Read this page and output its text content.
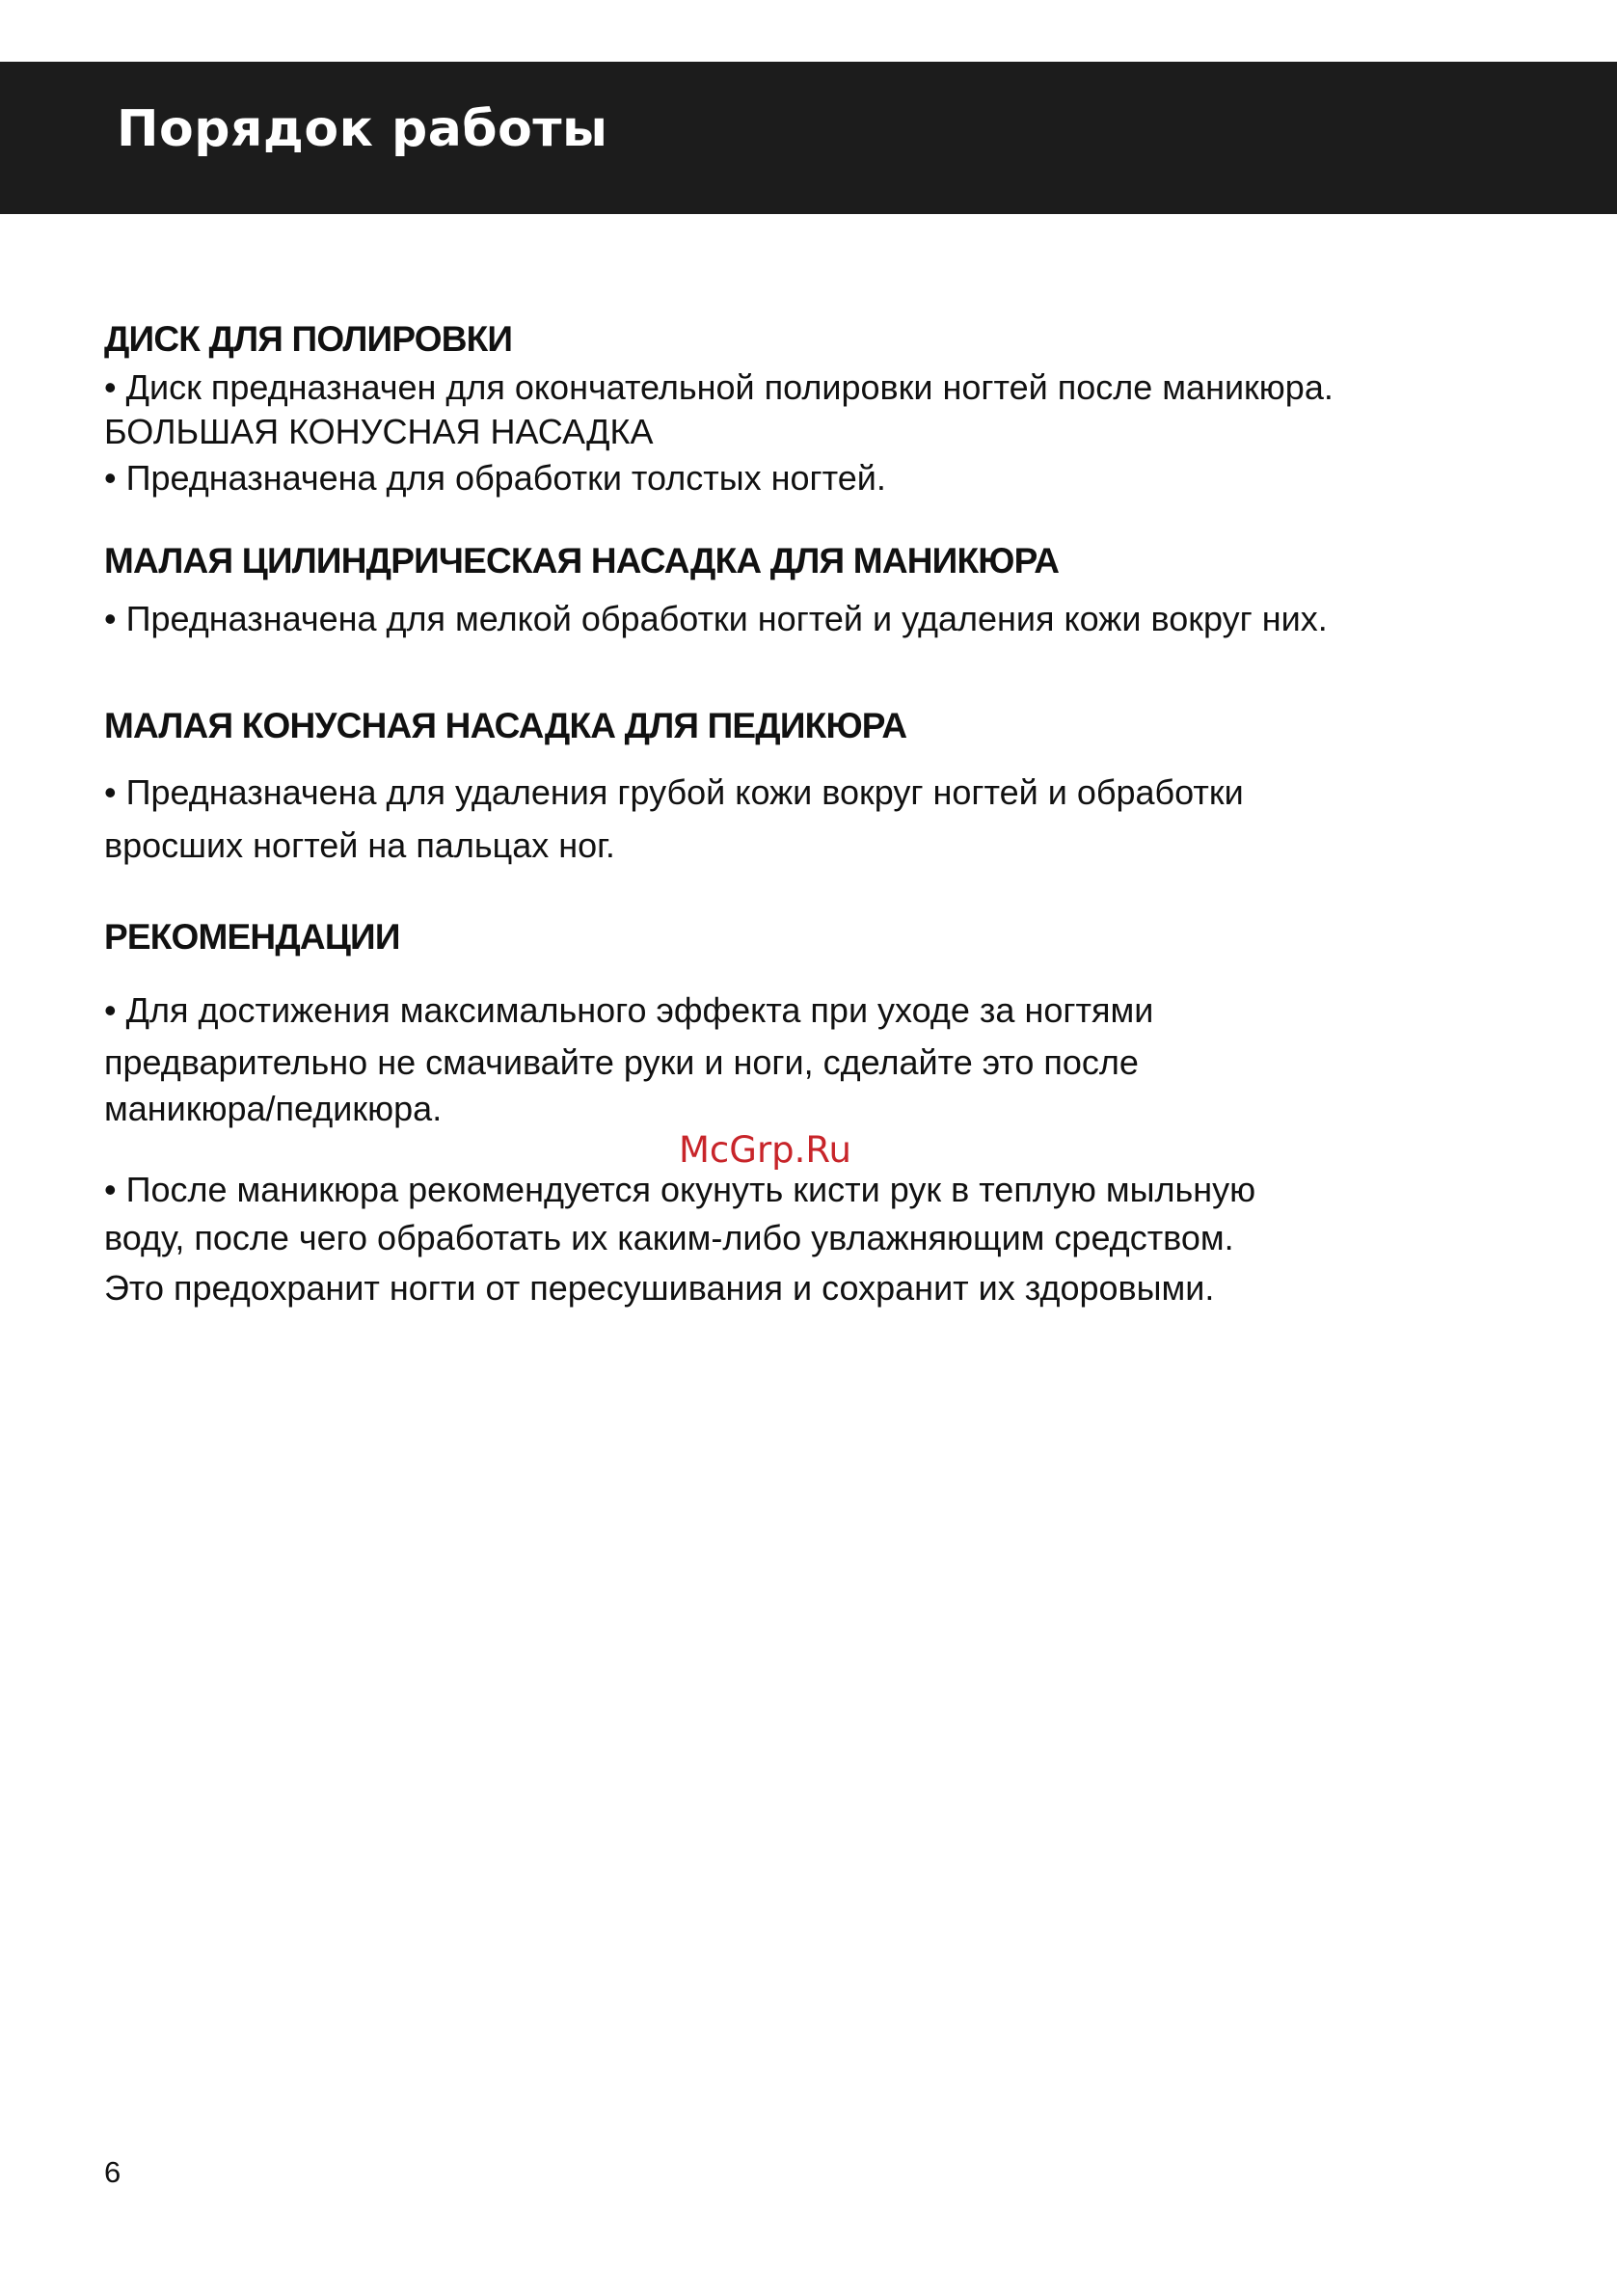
Порядок работы
ДИСК ДЛЯ ПОЛИРОВКИ

• Диск предназначен для окончательной полировки ногтей после маникюра.

БОЛЬШАЯ КОНУСНАЯ НАСАДКА

• Предназначена для обработки толстых ногтей.

МАЛАЯ ЦИЛИНДРИЧЕСКАЯ НАСАДКА ДЛЯ МАНИКЮРА

• Предназначена для мелкой обработки ногтей и удаления кожи вокруг них.

МАЛАЯ КОНУСНАЯ НАСАДКА ДЛЯ ПЕДИКЮРА

• Предназначена для удаления грубой кожи вокруг ногтей и обработки

вросших ногтей на пальцах ног.

РЕКОМЕНДАЦИИ

• Для достижения максимального эффекта при уходе за ногтями

предварительно не смачивайте руки и ноги, сделайте это после

маникюра/педикюра.

• После маникюра рекомендуется окунуть кисти рук в теплую мыльную

воду, после чего обработать их каким-либо увлажняющим средством.

Это предохранит ногти от пересушивания и сохранит их здоровыми.

McGrp.Ru

6
